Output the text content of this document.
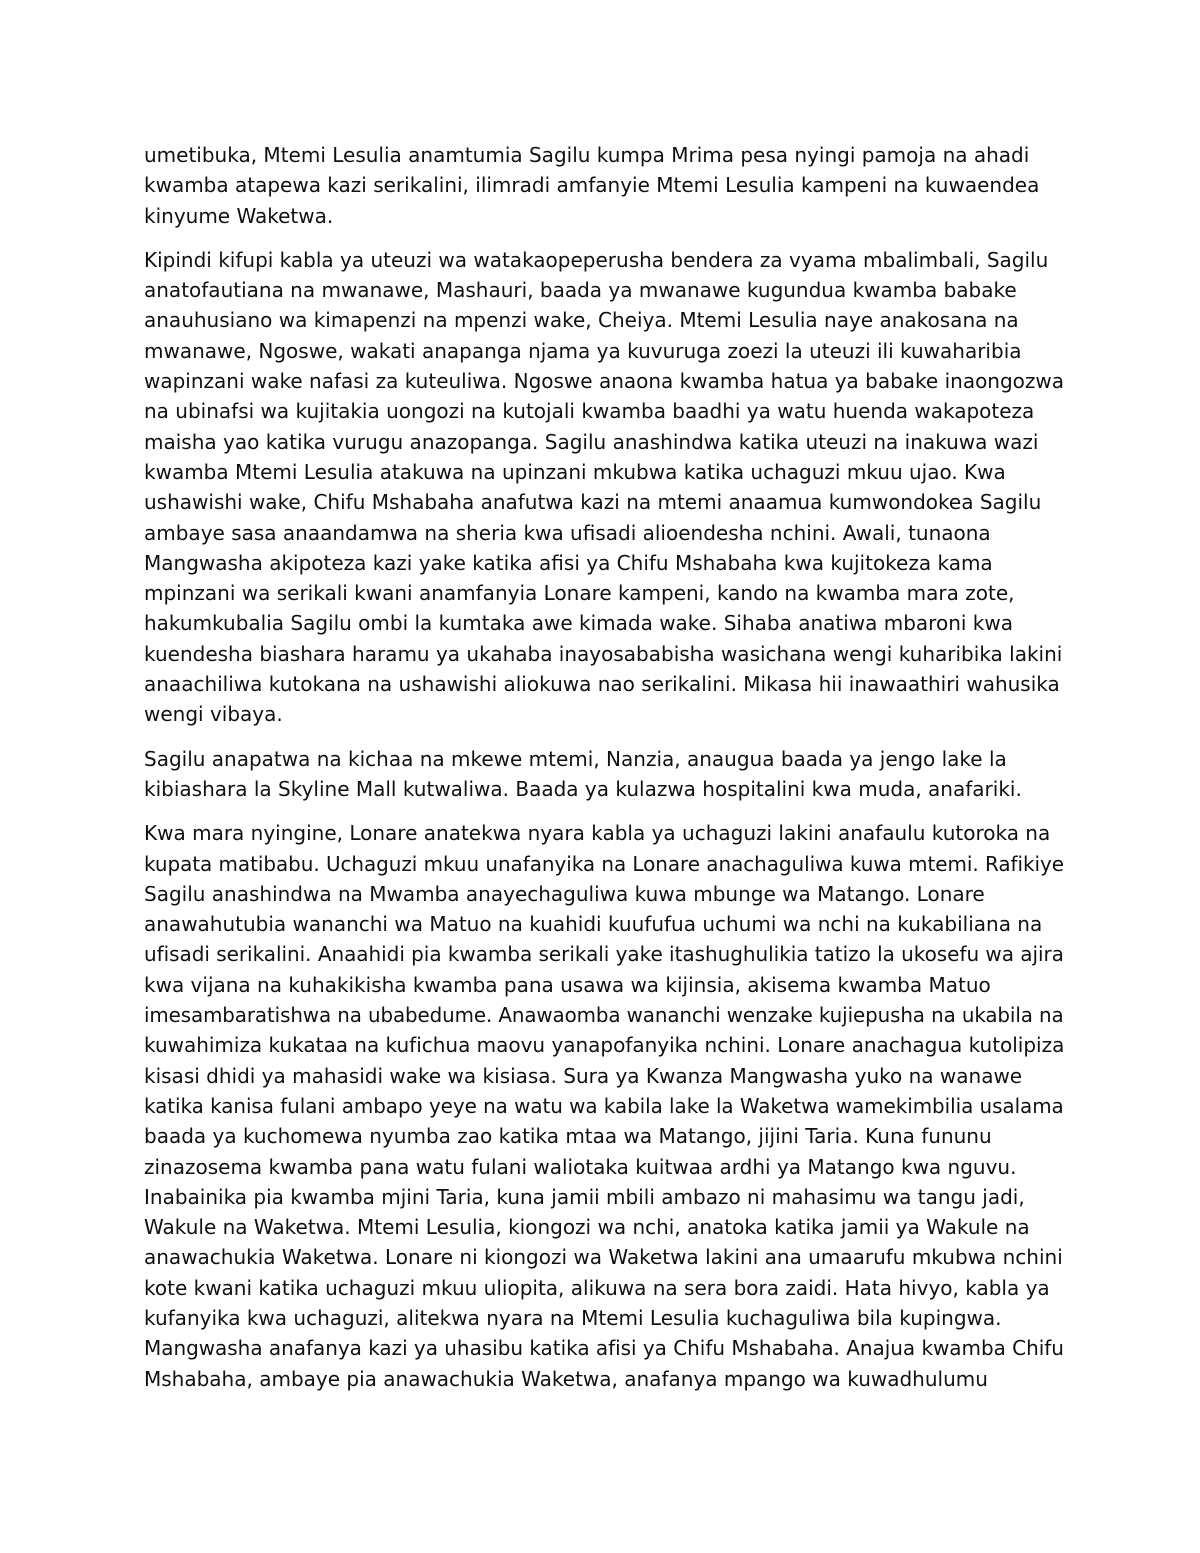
umetibuka, Mtemi Lesulia anamtumia Sagilu kumpa Mrima pesa nyingi pamoja na ahadi
kwamba atapewa kazi serikalini, ilimradi amfanyie Mtemi Lesulia kampeni na kuwaendea
kinyume Waketwa.

Kipindi kifupi kabla ya uteuzi wa watakaopeperusha bendera za vyama mbalimbali, Sagilu
anatofautiana na mwanawe, Mashauri, baada ya mwanawe kugundua kwamba babake
anauhusiano wa kimapenzi na mpenzi wake, Cheiya. Mtemi Lesulia naye anakosana na
mwanawe, Ngoswe, wakati anapanga njama ya kuvuruga zoezi la uteuzi ili kuwaharibia
wapinzani wake nafasi za kuteuliwa. Ngoswe anaona kwamba hatua ya babake inaongozwa
na ubinafsi wa kujitakia uongozi na kutojali kwamba baadhi ya watu huenda wakapoteza
maisha yao katika vurugu anazopanga. Sagilu anashindwa katika uteuzi na inakuwa wazi
kwamba Mtemi Lesulia atakuwa na upinzani mkubwa katika uchaguzi mkuu ujao. Kwa
ushawishi wake, Chifu Mshabaha anafutwa kazi na mtemi anaamua kumwondokea Sagilu
ambaye sasa anaandamwa na sheria kwa ufisadi alioendesha nchini. Awali, tunaona
Mangwasha akipoteza kazi yake katika afisi ya Chifu Mshabaha kwa kujitokeza kama
mpinzani wa serikali kwani anamfanyia Lonare kampeni, kando na kwamba mara zote,
hakumkubalia Sagilu ombi la kumtaka awe kimada wake. Sihaba anatiwa mbaroni kwa
kuendesha biashara haramu ya ukahaba inayosababisha wasichana wengi kuharibika lakini
anaachiliwa kutokana na ushawishi aliokuwa nao serikalini. Mikasa hii inawaathiri wahusika
wengi vibaya.

Sagilu anapatwa na kichaa na mkewe mtemi, Nanzia, anaugua baada ya jengo lake la
kibiashara la Skyline Mall kutwaliwa. Baada ya kulazwa hospitalini kwa muda, anafariki.

Kwa mara nyingine, Lonare anatekwa nyara kabla ya uchaguzi lakini anafaulu kutoroka na
kupata matibabu. Uchaguzi mkuu unafanyika na Lonare anachaguliwa kuwa mtemi. Rafikiye
Sagilu anashindwa na Mwamba anayechaguliwa kuwa mbunge wa Matango. Lonare
anawahutubia wananchi wa Matuo na kuahidi kuufufua uchumi wa nchi na kukabiliana na
ufisadi serikalini. Anaahidi pia kwamba serikali yake itashughulikia tatizo la ukosefu wa ajira
kwa vijana na kuhakikisha kwamba pana usawa wa kijinsia, akisema kwamba Matuo
imesambaratishwa na ubabedume. Anawaomba wananchi wenzake kujiepusha na ukabila na
kuwahimiza kukataa na kufichua maovu yanapofanyika nchini. Lonare anachagua kutolipiza
kisasi dhidi ya mahasidi wake wa kisiasa. Sura ya Kwanza Mangwasha yuko na wanawe
katika kanisa fulani ambapo yeye na watu wa kabila lake la Waketwa wamekimbilia usalama
baada ya kuchomewa nyumba zao katika mtaa wa Matango, jijini Taria. Kuna fununu
zinazosema kwamba pana watu fulani waliotaka kuitwaa ardhi ya Matango kwa nguvu.
Inabainika pia kwamba mjini Taria, kuna jamii mbili ambazo ni mahasimu wa tangu jadi,
Wakule na Waketwa. Mtemi Lesulia, kiongozi wa nchi, anatoka katika jamii ya Wakule na
anawachukia Waketwa. Lonare ni kiongozi wa Waketwa lakini ana umaarufu mkubwa nchini
kote kwani katika uchaguzi mkuu uliopita, alikuwa na sera bora zaidi. Hata hivyo, kabla ya
kufanyika kwa uchaguzi, alitekwa nyara na Mtemi Lesulia kuchaguliwa bila kupingwa.
Mangwasha anafanya kazi ya uhasibu katika afisi ya Chifu Mshabaha. Anajua kwamba Chifu
Mshabaha, ambaye pia anawachukia Waketwa, anafanya mpango wa kuwadhulumu
